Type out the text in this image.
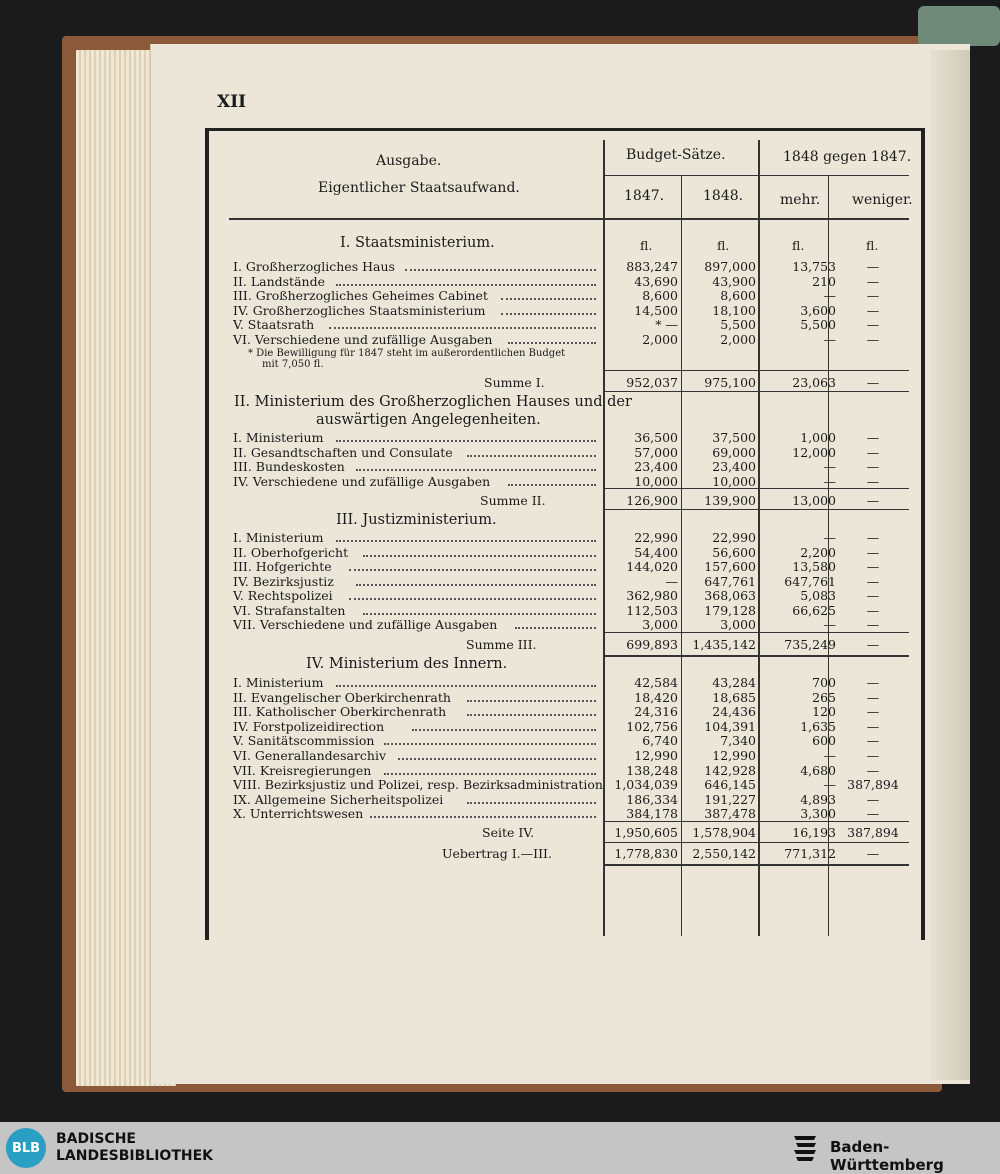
XII
Ausgabe.
Eigentlicher Staatsaufwand.
Budget-Sätze.	1848 gegen 1847.
1847.	1848.	mehr. weniger.
fl.	fl.	fl.	fl.
I. Staatsministerium.
I. Großherzogliches Haus	883,247	897,000	13,753	—
II. Landstände	43,690	43,900	210	—
III. Großherzogliches Geheimes Cabinet	8,600	8,600	—	—
IV. Großherzogliches Staatsministerium	14,500	18,100	3,600	—
V. Staatsrath	* —	5,500	5,500	—
VI. Verschiedene und zufällige Ausgaben	2,000	2,000	—	—
* Die Bewilligung für 1847 steht im außerordentlichen Budget
mit 7,050 fl.
Summe I.	952,037	975,100	23,063	—
II. Ministerium des Großherzoglichen Hauses und der
auswärtigen Angelegenheiten.
I. Ministerium	36,500	37,500	1,000	—
II. Gesandtschaften und Consulate	57,000	69,000	12,000	—
III. Bundeskosten	23,400	23,400	—	—
IV. Verschiedene und zufällige Ausgaben	10,000	10,000	—	—
Summe II.	126,900	139,900	13,000	—
III. Justizministerium.
I. Ministerium	22,990	22,990	—	—
II. Oberhofgericht	54,400	56,600	2,200	—
III. Hofgerichte	144,020	157,600	13,580	—
IV. Bezirksjustiz	—	647,761	647,761	—
V. Rechtspolizei	362,980	368,063	5,083	—
VI. Strafanstalten	112,503	179,128	66,625	—
VII. Verschiedene und zufällige Ausgaben	3,000	3,000	—	—
Summe III.	699,893	1,435,142	735,249	—
IV. Ministerium des Innern.
I. Ministerium	42,584	43,284	700	—
II. Evangelischer Oberkirchenrath	18,420	18,685	265	—
III. Katholischer Oberkirchenrath	24,316	24,436	120	—
IV. Forstpolizeidirection	102,756	104,391	1,635	—
V. Sanitätscommission	6,740	7,340	600	—
VI. Generallandesarchiv	12,990	12,990	—	—
VII. Kreisregierungen	138,248	142,928	4,680	—
VIII. Bezirksjustiz und Polizei, resp. Bezirksadministration 1,034,039	646,145	— 387,894
IX. Allgemeine Sicherheitspolizei	186,334	191,227	4,893	—
X. Unterrichtswesen	384,178	387,478	3,300	—
Seite IV.	1,950,605	1,578,904	16,193 387,894
Uebertrag I.—III.	1,778,830	2,550,142	771,312	—
BLB
BADISCHE
LANDESBIBLIOTHEK	Baden-Württemberg
